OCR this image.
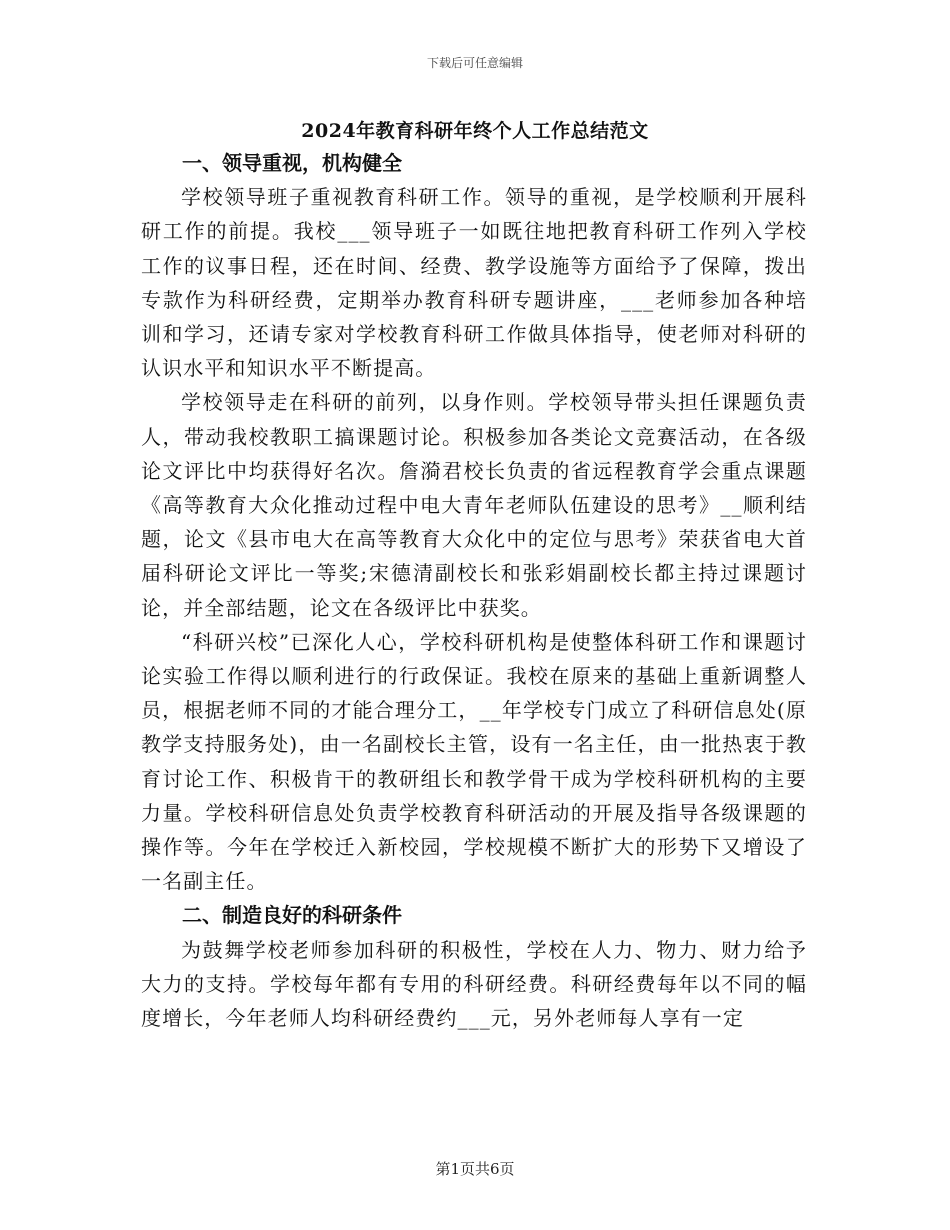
下载后可任意编辑
2024年教育科研年终个人工作总结范文
一、领导重视，机构健全

学校领导班子重视教育科研工作。领导的重视，是学校顺利开展科研工作的前提。我校___领导班子一如既往地把教育科研工作列入学校工作的议事日程，还在时间、经费、教学设施等方面给予了保障，拨出专款作为科研经费，定期举办教育科研专题讲座，___老师参加各种培训和学习，还请专家对学校教育科研工作做具体指导，使老师对科研的认识水平和知识水平不断提高。

学校领导走在科研的前列，以身作则。学校领导带头担任课题负责人，带动我校教职工搞课题讨论。积极参加各类论文竞赛活动，在各级论文评比中均获得好名次。詹漪君校长负责的省远程教育学会重点课题《高等教育大众化推动过程中电大青年老师队伍建设的思考》__顺利结题，论文《县市电大在高等教育大众化中的定位与思考》荣获省电大首届科研论文评比一等奖;宋德清副校长和张彩娟副校长都主持过课题讨论，并全部结题，论文在各级评比中获奖。

“科研兴校”已深化人心，学校科研机构是使整体科研工作和课题讨论实验工作得以顺利进行的行政保证。我校在原来的基础上重新调整人员，根据老师不同的才能合理分工，__年学校专门成立了科研信息处(原教学支持服务处)，由一名副校长主管，设有一名主任，由一批热衷于教育讨论工作、积极肯干的教研组长和教学骨干成为学校科研机构的主要力量。学校科研信息处负责学校教育科研活动的开展及指导各级课题的操作等。今年在学校迁入新校园，学校规模不断扩大的形势下又增设了一名副主任。

二、制造良好的科研条件

为鼓舞学校老师参加科研的积极性，学校在人力、物力、财力给予大力的支持。学校每年都有专用的科研经费。科研经费每年以不同的幅度增长，今年老师人均科研经费约___元，另外老师每人享有一定

第1页共6页
